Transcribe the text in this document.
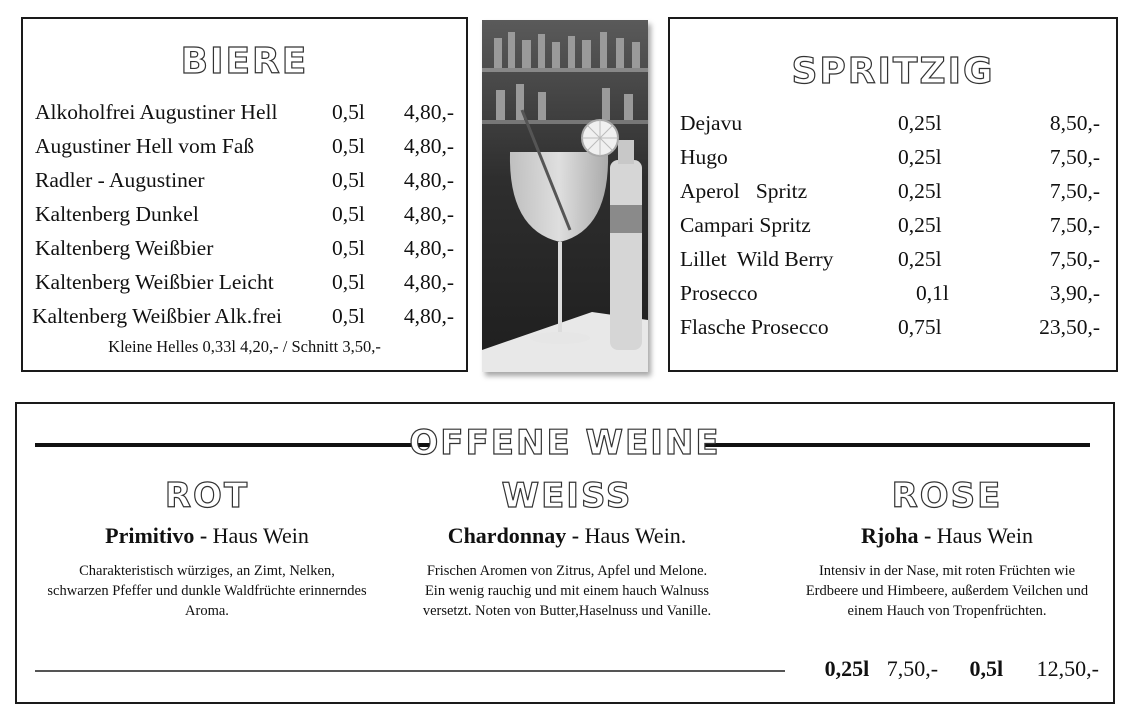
BIERE
Alkoholfrei Augustiner Hell	0,5l 4,80,-
Augustiner Hell vom Faß	0,5l 4,80,-
Radler - Augustiner	0,5l 4,80,-
Kaltenberg Dunkel	0,5l 4,80,-
Kaltenberg Weißbier	0,5l 4,80,-
Kaltenberg Weißbier Leicht	0,5l 4,80,-
Kaltenberg Weißbier Alk.frei 0,5l 4,80,-
Kleine Helles 0,33l 4,20,- / Schnitt 3,50,-
SPRITZIG
Dejavu	0,25l	8,50,-
Hugo	0,25l	7,50,-
Aperol   Spritz	0,25l	7,50,-
Campari Spritz	0,25l	7,50,-
Lillet  Wild Berry	0,25l	7,50,-
Prosecco	0,1l	3,90,-
Flasche Prosecco	0,75l	23,50,-
OFFENE WEINE
ROT
Primitivo - Haus Wein
Charakteristisch würziges, an Zimt, Nelken, schwarzen Pfeffer und dunkle Waldfrüchte erinnerndes Aroma.
WEISS
Chardonnay - Haus Wein.
Frischen Aromen von Zitrus, Apfel und Melone. Ein wenig rauchig und mit einem hauch Walnuss versetzt. Noten von Butter,Haselnuss und Vanille.
ROSE
Rjoha - Haus Wein
Intensiv in der Nase, mit roten Früchten wie Erdbeere und Himbeere, außerdem Veilchen und einem Hauch von Tropenfrüchten.
0,25l 7,50,- 0,5l 12,50,-
